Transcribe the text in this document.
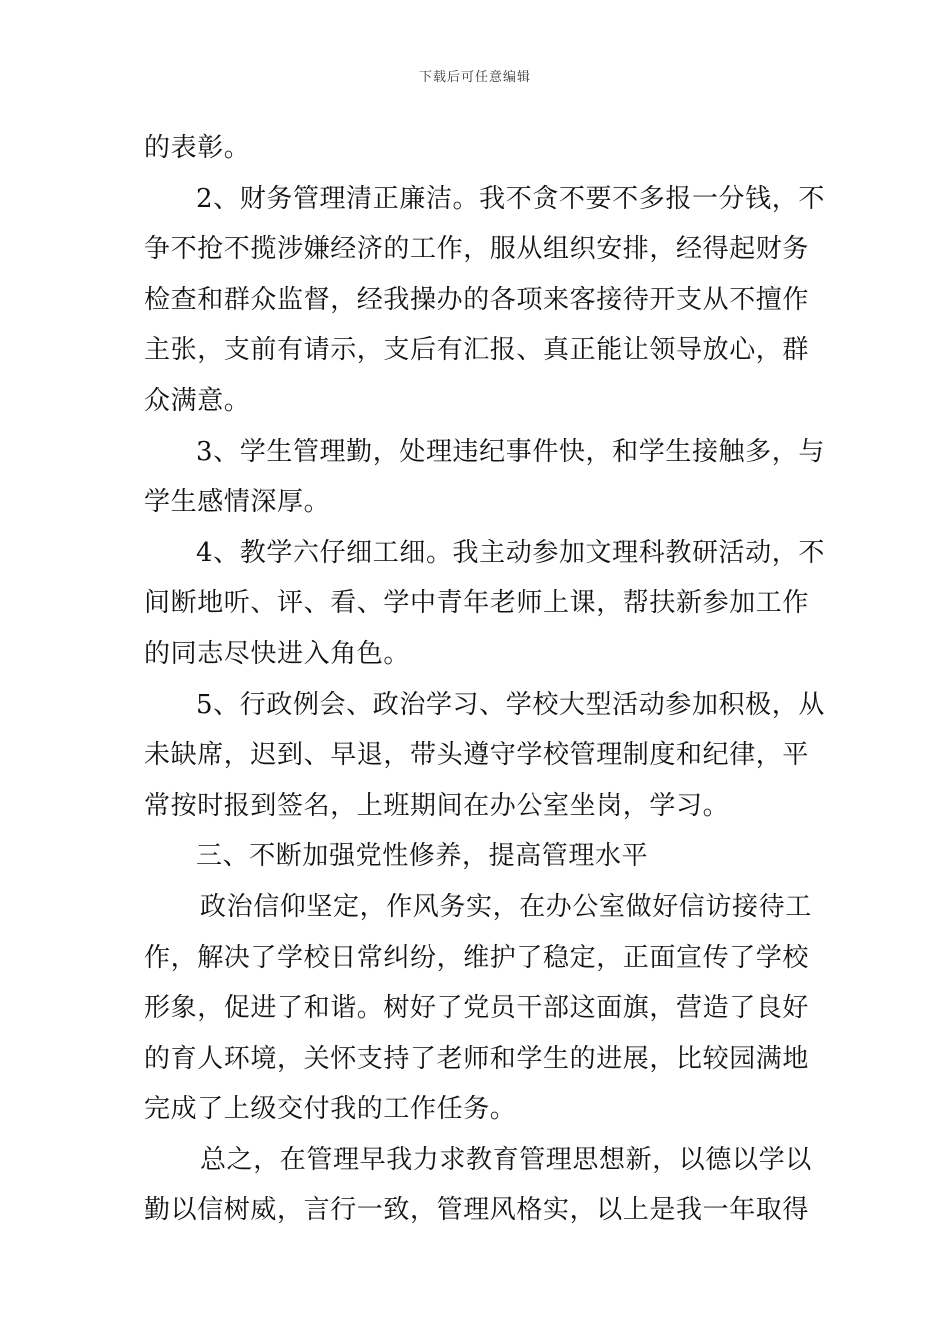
下载后可任意编辑
的表彰。
2、财务管理清正廉洁。我不贪不要不多报一分钱，不
争不抢不揽涉嫌经济的工作，服从组织安排，经得起财务
检查和群众监督，经我操办的各项来客接待开支从不擅作
主张，支前有请示，支后有汇报、真正能让领导放心，群
众满意。
3、学生管理勤，处理违纪事件快，和学生接触多，与
学生感情深厚。
4、教学六仔细工细。我主动参加文理科教研活动，不
间断地听、评、看、学中青年老师上课，帮扶新参加工作
的同志尽快进入角色。
5、行政例会、政治学习、学校大型活动参加积极，从
未缺席，迟到、早退，带头遵守学校管理制度和纪律，平
常按时报到签名，上班期间在办公室坐岗，学习。
三、不断加强党性修养，提高管理水平
政治信仰坚定，作风务实，在办公室做好信访接待工
作，解决了学校日常纠纷，维护了稳定，正面宣传了学校
形象，促进了和谐。树好了党员干部这面旗，营造了良好
的育人环境，关怀支持了老师和学生的进展，比较园满地
完成了上级交付我的工作任务。
总之，在管理早我力求教育管理思想新，以德以学以
勤以信树威，言行一致，管理风格实，以上是我一年取得
